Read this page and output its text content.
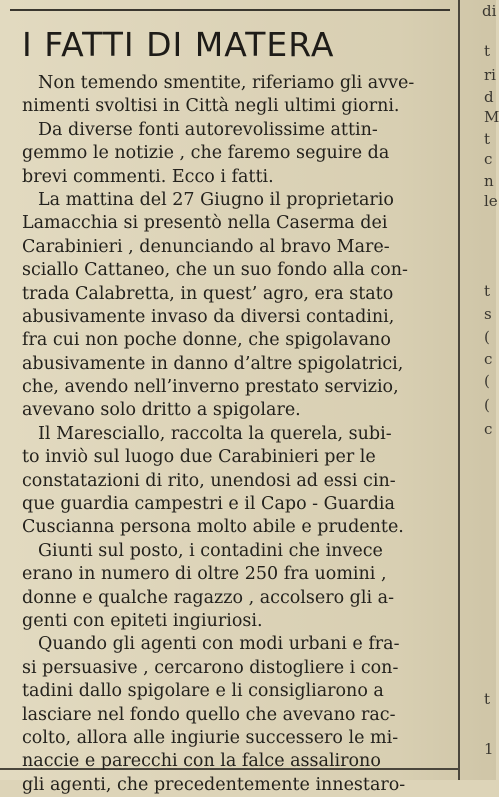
I FATTI DI MATERA
Non temendo smentite, riferiamo gli avve-
nimenti svoltisi in Città negli ultimi giorni.
Da diverse fonti autorevolissime attin-
gemmo le notizie , che faremo seguire da
brevi commenti. Ecco i fatti.
La mattina del 27 Giugno il proprietario
Lamacchia si presentò nella Caserma dei
Carabinieri , denunciando al bravo Mare-
sciallo Cattaneo, che un suo fondo alla con-
trada Calabretta, in quest’ agro, era stato
abusivamente invaso da diversi contadini,
fra cui non poche donne, che spigolavano
abusivamente in danno d’altre spigolatrici,
che, avendo nell’inverno prestato servizio,
avevano solo dritto a spigolare.
Il Maresciallo, raccolta la querela, subi-
to inviò sul luogo due Carabinieri per le
constatazioni di rito, unendosi ad essi cin-
que guardia campestri e il Capo - Guardia
Cuscianna persona molto abile e prudente.
Giunti sul posto, i contadini che invece
erano in numero di oltre 250 fra uomini ,
donne e qualche ragazzo , accolsero gli a-
genti con epiteti ingiuriosi.
Quando gli agenti con modi urbani e fra-
si persuasive , cercarono distogliere i con-
tadini dallo spigolare e li consigliarono a
lasciare nel fondo quello che avevano rac-
colto, allora alle ingiurie successero le mi-
naccie e parecchi con la falce assalirono
gli agenti, che precedentemente innestaro-
di
t
ri
d
M
t
c
n
le
t
s
(
c
(
(
c
t
1
